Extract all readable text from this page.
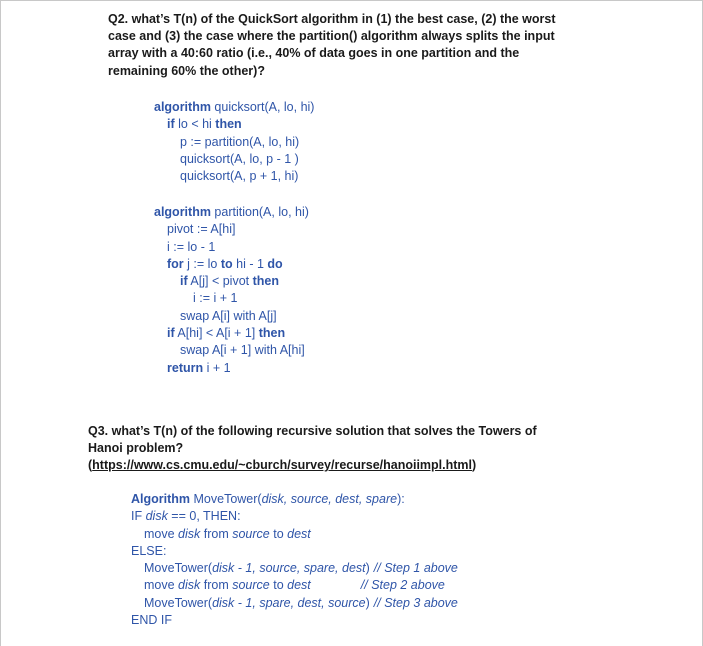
Q2. what’s T(n) of the QuickSort algorithm in (1) the best case, (2) the worst
case and (3) the case where the partition() algorithm always splits the input
array with a 40:60 ratio (i.e., 40% of data goes in one partition and the
remaining 60% the other)?
algorithm quicksort(A, lo, hi)
if lo < hi then
p := partition(A, lo, hi)
quicksort(A, lo, p - 1 )
quicksort(A, p + 1, hi)
algorithm partition(A, lo, hi)
pivot := A[hi]
i := lo - 1
for j := lo to hi - 1 do
if A[j] < pivot then
i := i + 1
swap A[i] with A[j]
if A[hi] < A[i + 1] then
swap A[i + 1] with A[hi]
return i + 1
Q3. what’s T(n) of the following recursive solution that solves the Towers of
Hanoi problem?
(https://www.cs.cmu.edu/~cburch/survey/recurse/hanoiimpl.html)
Algorithm MoveTower(disk, source, dest, spare):
IF disk == 0, THEN:
move disk from source to dest
ELSE:
MoveTower(disk - 1, source, spare, dest) // Step 1 above
move disk from source to dest	// Step 2 above
MoveTower(disk - 1, spare, dest, source) // Step 3 above
END IF
